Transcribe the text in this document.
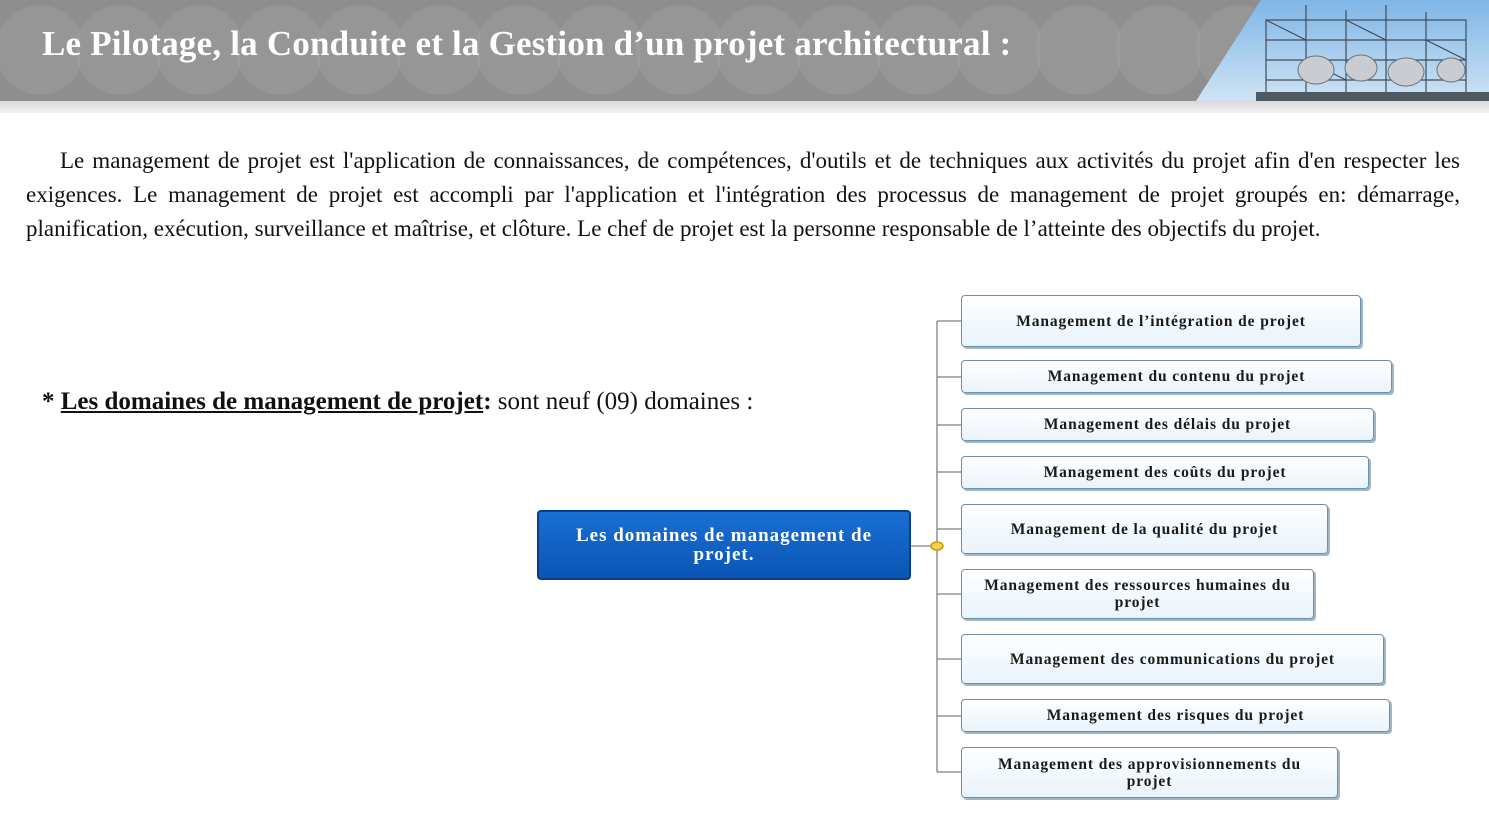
Le Pilotage, la Conduite et la Gestion d’un projet architectural :
Le management de projet est l'application de connaissances, de compétences, d'outils et de techniques aux activités du projet afin d'en respecter les exigences. Le management de projet est accompli par l'application et l'intégration des processus de management de projet groupés en: démarrage, planification, exécution, surveillance et maîtrise, et clôture. Le chef de projet est la personne responsable de l’atteinte des objectifs du projet.
* Les domaines de management de projet: sont neuf (09) domaines :
Les domaines de management de projet.
Management de l’intégration de projet
Management du contenu du projet
Management des délais du projet
Management des coûts du projet
Management de la qualité du projet
Management des ressources humaines du projet
Management des communications du projet
Management des risques du projet
Management des approvisionnements du projet
